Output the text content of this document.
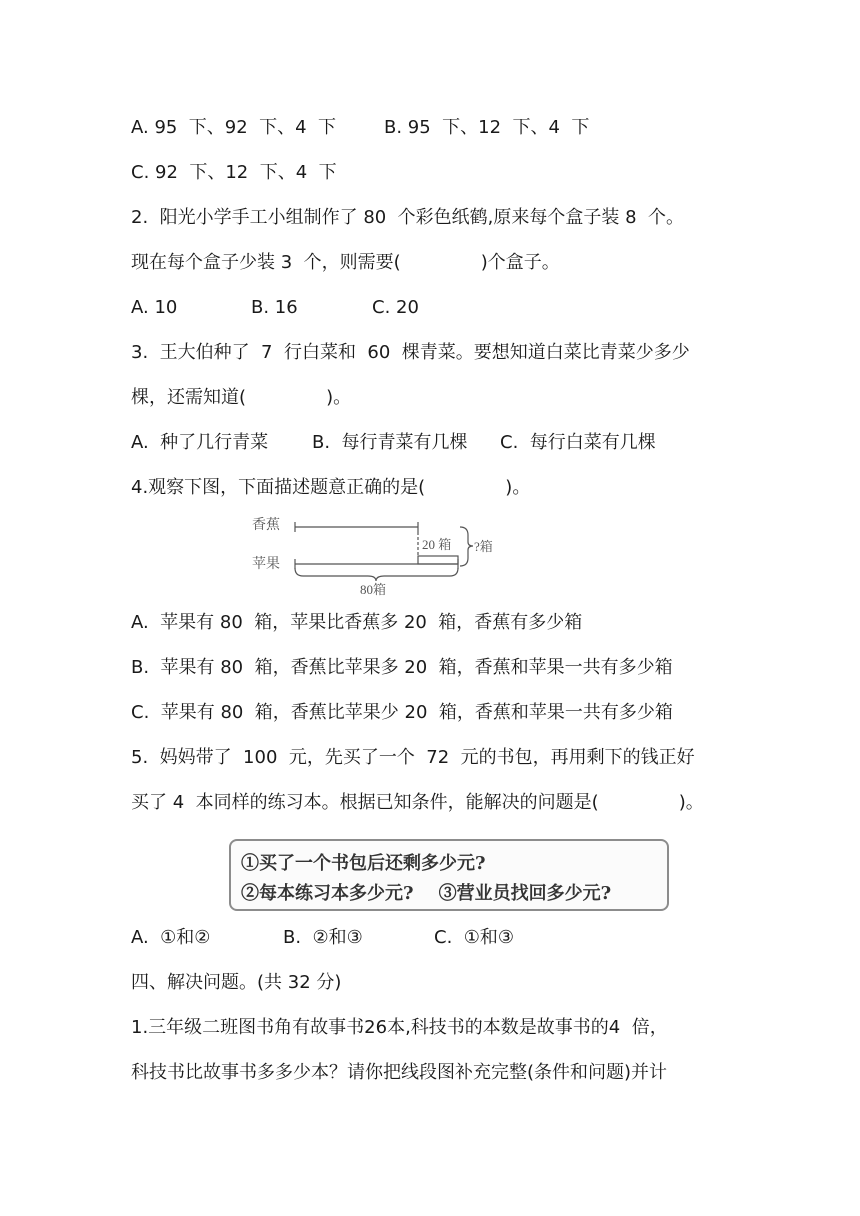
A. 95  下、92  下、4  下	B. 95  下、12  下、4  下
C. 92  下、12  下、4  下
2.  阳光小学手工小组制作了 80  个彩色纸鹤,原来每个盒子装 8  个。
现在每个盒子少装 3  个，则需要(              )个盒子。
A. 10	B. 16	C. 20
3.  王大伯种了  7  行白菜和  60  棵青菜。要想知道白菜比青菜少多少
棵，还需知道(              )。
A.  种了几行青菜 B.  每行青菜有几棵 C.  每行白菜有几棵
4.观察下图，下面描述题意正确的是(              )。
香蕉
苹果
20 箱 ?箱
80箱
A.  苹果有 80  箱，苹果比香蕉多 20  箱，香蕉有多少箱
B.  苹果有 80  箱，香蕉比苹果多 20  箱，香蕉和苹果一共有多少箱
C.  苹果有 80  箱，香蕉比苹果少 20  箱，香蕉和苹果一共有多少箱
5.  妈妈带了  100  元，先买了一个  72  元的书包，再用剩下的钱正好
买了 4  本同样的练习本。根据已知条件，能解决的问题是(              )。
①买了一个书包后还剩多少元?
②每本练习本多少元?    ③营业员找回多少元?
A.  ①和②	B.  ②和③	C.  ①和③
四、解决问题。(共 32 分)
1.三年级二班图书角有故事书26本,科技书的本数是故事书的4  倍，
科技书比故事书多多少本？请你把线段图补充完整(条件和问题)并计
